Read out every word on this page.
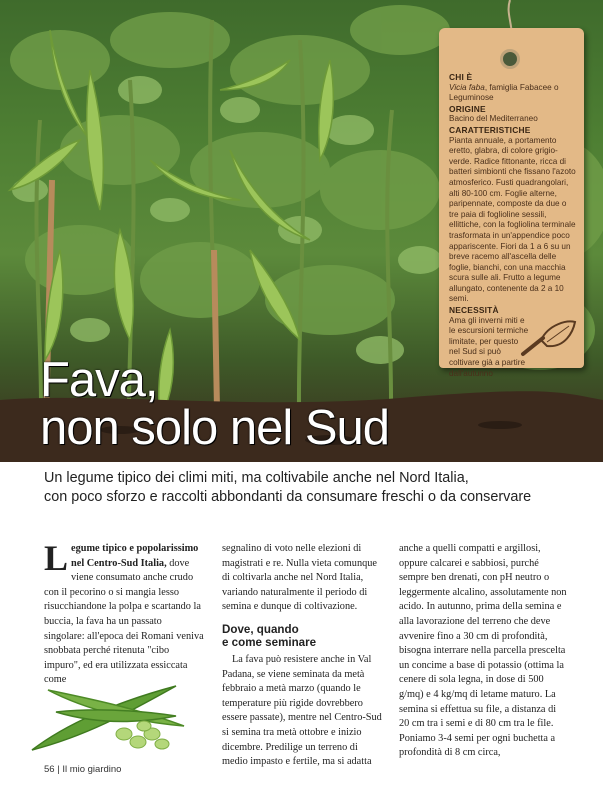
Fava,
non solo nel Sud

CHI È

Vicia faba, famiglia Fabacee o Leguminose

ORIGINE

Bacino del Mediterraneo

CARATTERISTICHE

Pianta annuale, a portamento eretto, glabra, di colore grigio-verde. Radice fittonante, ricca di batteri simbionti che fissano l'azoto atmosferico. Fusti quadrangolari, alti 80-100 cm. Foglie alterne, paripennate, composte da due o tre paia di foglioline sessili, ellittiche, con la fogliolina terminale trasformata in un'appendice poco appariscente. Fiori da 1 a 6 su un breve racemo all'ascella delle foglie, bianchi, con una macchia scura sulle ali. Frutto a legume allungato, contenente da 2 a 10 semi.

NECESSITÀ

Ama gli inverni miti e le escursioni termiche limitate, per questo nel Sud si può coltivare già a partire dall'autunno

Un legume tipico dei climi miti, ma coltivabile anche nel Nord Italia,
con poco sforzo e raccolti abbondanti da consumare freschi o da conservare

Legume tipico e popolarissimo nel Centro-Sud Italia, dove viene consumato anche crudo con il pecorino o si mangia lesso risucchiandone la polpa e scartando la buccia, la fava ha un passato singolare: all'epoca dei Romani veniva snobbata perché ritenuta "cibo impuro", ed era utilizzata essiccata come

segnalino di voto nelle elezioni di magistrati e re. Nulla vieta comunque di coltivarla anche nel Nord Italia, variando naturalmente il periodo di semina e dunque di coltivazione.

Dove, quando
e come seminare

La fava può resistere anche in Val Padana, se viene seminata da metà febbraio a metà marzo (quando le temperature più rigide dovrebbero essere passate), mentre nel Centro-Sud si semina tra metà ottobre e inizio dicembre. Predilige un terreno di medio impasto e fertile, ma si adatta

anche a quelli compatti e argillosi, oppure calcarei e sabbiosi, purché sempre ben drenati, con pH neutro o leggermente alcalino, assolutamente non acido. In autunno, prima della semina e alla lavorazione del terreno che deve avvenire fino a 30 cm di profondità, bisogna interrare nella parcella prescelta un concime a base di potassio (ottima la cenere di sola legna, in dose di 500 g/mq) e 4 kg/mq di letame maturo. La semina si effettua su file, a distanza di 20 cm tra i semi e di 80 cm tra le file. Poniamo 3-4 semi per ogni buchetta a profondità di 8 cm circa,

56 | Il mio giardino
